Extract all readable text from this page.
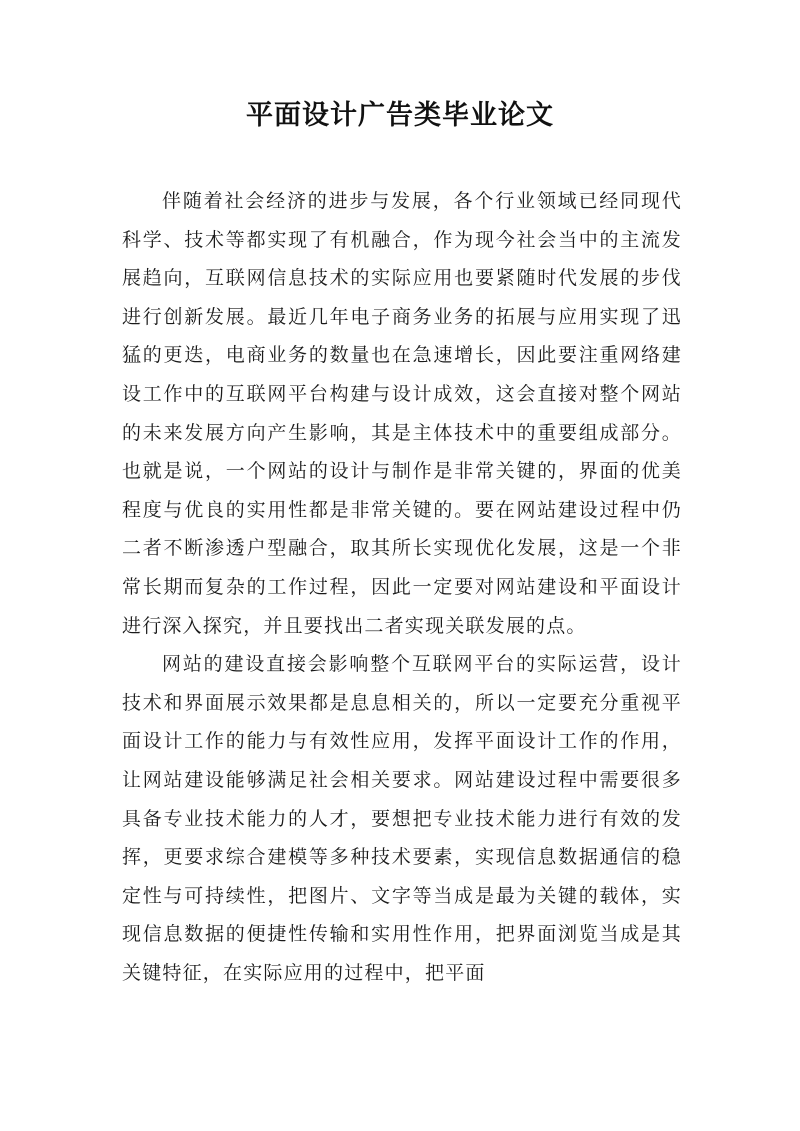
平面设计广告类毕业论文

伴随着社会经济的进步与发展，各个行业领域已经同现代科学、技术等都实现了有机融合，作为现今社会当中的主流发展趋向，互联网信息技术的实际应用也要紧随时代发展的步伐进行创新发展。最近几年电子商务业务的拓展与应用实现了迅猛的更迭，电商业务的数量也在急速增长，因此要注重网络建设工作中的互联网平台构建与设计成效，这会直接对整个网站的未来发展方向产生影响，其是主体技术中的重要组成部分。也就是说，一个网站的设计与制作是非常关键的，界面的优美程度与优良的实用性都是非常关键的。要在网站建设过程中仍二者不断渗透户型融合，取其所长实现优化发展，这是一个非常长期而复杂的工作过程，因此一定要对网站建设和平面设计进行深入探究，并且要找出二者实现关联发展的点。

网站的建设直接会影响整个互联网平台的实际运营，设计技术和界面展示效果都是息息相关的，所以一定要充分重视平面设计工作的能力与有效性应用，发挥平面设计工作的作用，让网站建设能够满足社会相关要求。网站建设过程中需要很多具备专业技术能力的人才，要想把专业技术能力进行有效的发挥，更要求综合建模等多种技术要素，实现信息数据通信的稳定性与可持续性，把图片、文字等当成是最为关键的载体，实现信息数据的便捷性传输和实用性作用，把界面浏览当成是其关键特征，在实际应用的过程中，把平面
